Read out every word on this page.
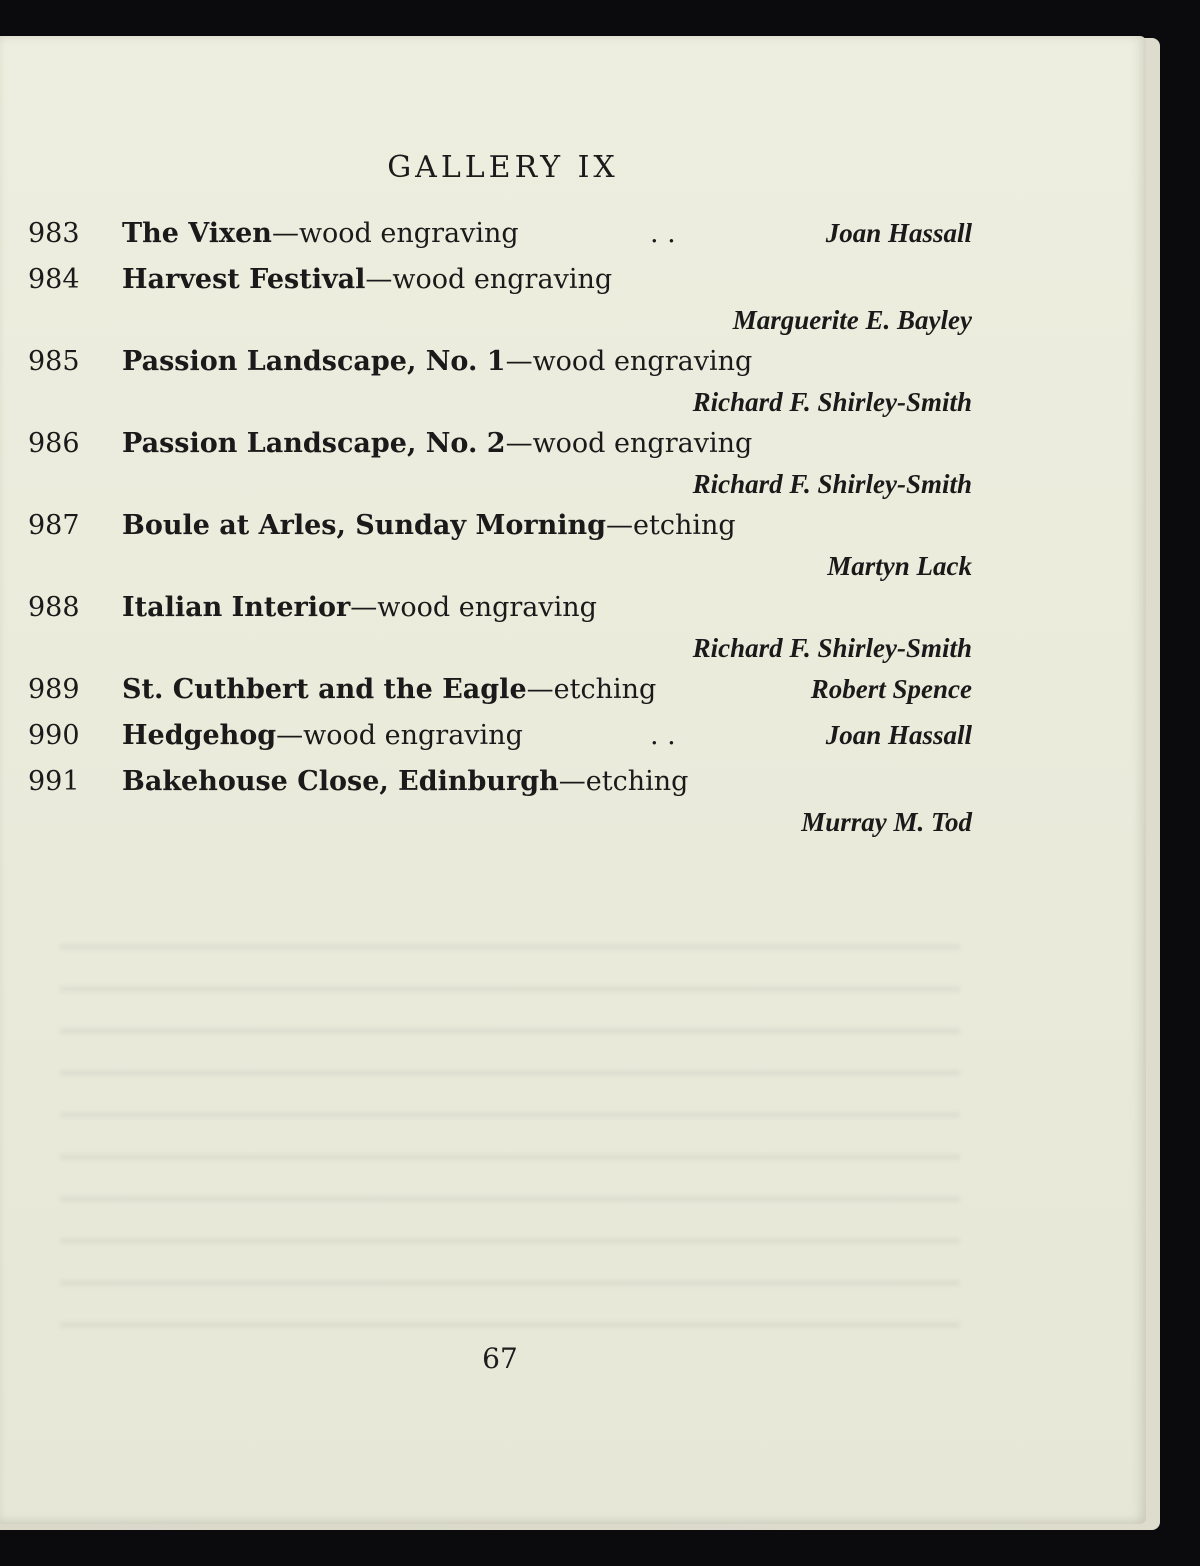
GALLERY IX
983	The Vixen—wood engraving	. .	Joan Hassall
984	Harvest Festival—wood engraving
Marguerite E. Bayley
985	Passion Landscape, No. 1—wood engraving
Richard F. Shirley-Smith
986	Passion Landscape, No. 2—wood engraving
Richard F. Shirley-Smith
987	Boule at Arles, Sunday Morning—etching
Martyn Lack
988	Italian Interior—wood engraving
Richard F. Shirley-Smith
989	St. Cuthbert and the Eagle—etching	Robert Spence
990	Hedgehog—wood engraving	. .	Joan Hassall
991	Bakehouse Close, Edinburgh—etching
Murray M. Tod
67
